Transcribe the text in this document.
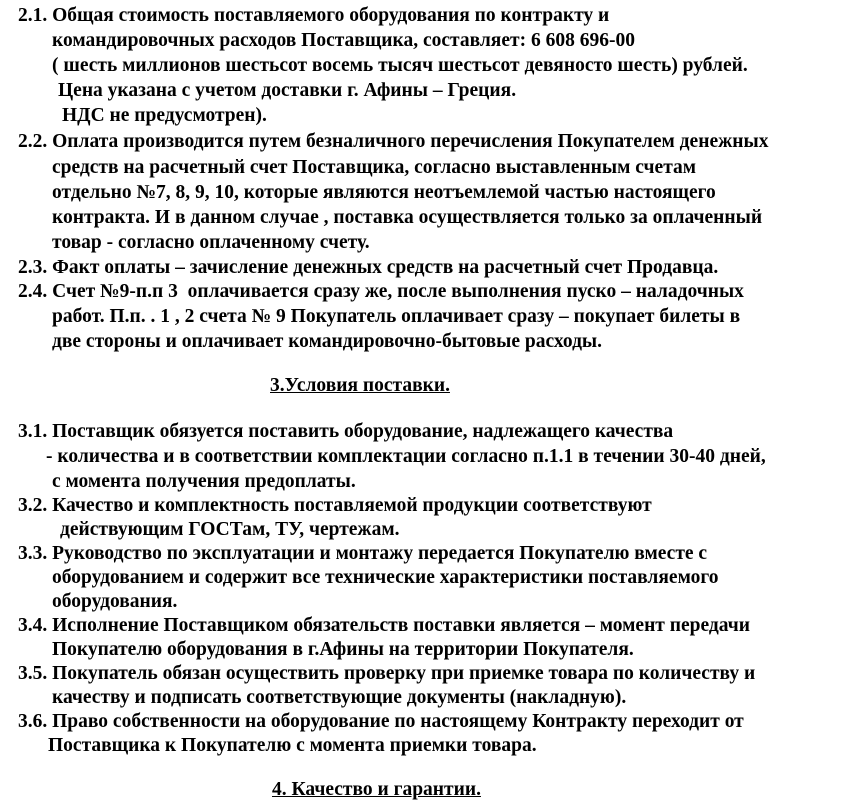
2.1. Общая стоимость поставляемого оборудования по контракту и
командировочных расходов Поставщика, составляет: 6 608 696-00
( шесть миллионов шестьсот восемь тысяч шестьсот девяносто шесть) рублей.
Цена указана с учетом доставки г. Афины – Греция.
НДС не предусмотрен).
2.2. Оплата производится путем безналичного перечисления Покупателем денежных
средств на расчетный счет Поставщика, согласно выставленным счетам
отдельно №7, 8, 9, 10, которые являются неотъемлемой частью настоящего
контракта. И в данном случае , поставка осуществляется только за оплаченный
товар - согласно оплаченному счету.
2.3. Факт оплаты – зачисление денежных средств на расчетный счет Продавца.
2.4. Счет №9-п.п 3  оплачивается сразу же, после выполнения пуско – наладочных
работ. П.п. . 1 , 2 счета № 9 Покупатель оплачивает сразу – покупает билеты в
две стороны и оплачивает командировочно-бытовые расходы.
3.Условия поставки.
3.1. Поставщик обязуется поставить оборудование, надлежащего качества
- количества и в соответствии комплектации согласно п.1.1 в течении 30-40 дней,
с момента получения предоплаты.
3.2. Качество и комплектность поставляемой продукции соответствуют
действующим ГОСТам, ТУ, чертежам.
3.3. Руководство по эксплуатации и монтажу передается Покупателю вместе с
оборудованием и содержит все технические характеристики поставляемого
оборудования.
3.4. Исполнение Поставщиком обязательств поставки является – момент передачи
Покупателю оборудования в г.Афины на территории Покупателя.
3.5. Покупатель обязан осуществить проверку при приемке товара по количеству и
качеству и подписать соответствующие документы (накладную).
3.6. Право собственности на оборудование по настоящему Контракту переходит от
Поставщика к Покупателю с момента приемки товара.
4. Качество и гарантии.
